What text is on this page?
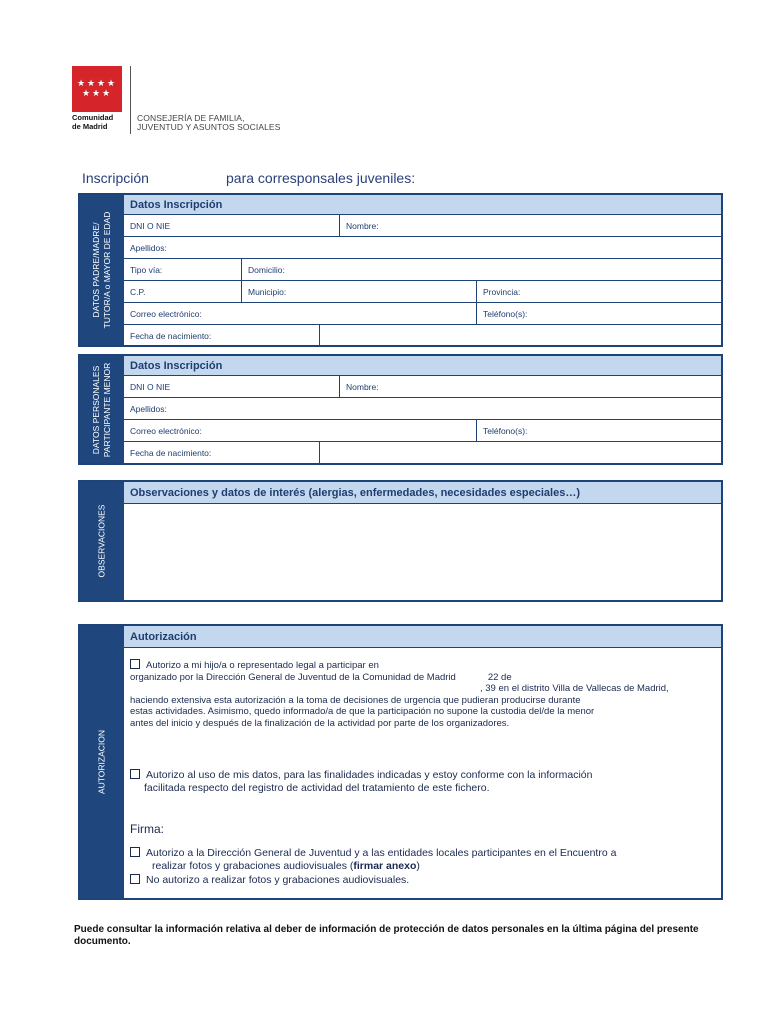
★ ★ ★ ★
★ ★ ★
Comunidad
de Madrid
CONSEJERÍA DE FAMILIA,
JUVENTUD Y ASUNTOS SOCIALES
Inscripción	para corresponsales juveniles:
DATOS PADRE/MADRE/ TUTOR/A o MAYOR DE EDAD
Datos Inscripción
DNI O NIE	Nombre:
Apellidos:
Tipo vía:	Domicilio:
C.P.	Municipio:	Provincia:
Correo electrónico:	Teléfono(s):
Fecha de nacimiento:
DATOS PERSONALES PARTICIPANTE MENOR	Datos Inscripción
DNI O NIE	Nombre:
Apellidos:
Correo electrónico:	Teléfono(s):
Fecha de nacimiento:
OBSERVACIONES
Observaciones y datos de interés (alergias, enfermedades, necesidades especiales…)
AUTORIZACION
Autorización
Autorizo a mi hijo/a o representado legal a participar en
organizado por la Dirección General de Juventud de la Comunidad de Madrid	22 de
, 39 en el distrito Villa de Vallecas de Madrid,
haciendo extensiva esta autorización a la toma de decisiones de urgencia que pudieran producirse durante
estas actividades. Asimismo, quedo informado/a de que la participación no supone la custodia del/de la menor
antes del inicio y después de la finalización de la actividad por parte de los organizadores.
Autorizo al uso de mis datos, para las finalidades indicadas y estoy conforme con la información
facilitada respecto del registro de actividad del tratamiento de este fichero.
Firma:
Autorizo a la Dirección General de Juventud y a las entidades locales participantes en el Encuentro a
realizar fotos y grabaciones audiovisuales (firmar anexo)
No autorizo a realizar fotos y grabaciones audiovisuales.
Puede consultar la información relativa al deber de información de protección de datos personales en la última página del presente documento.
